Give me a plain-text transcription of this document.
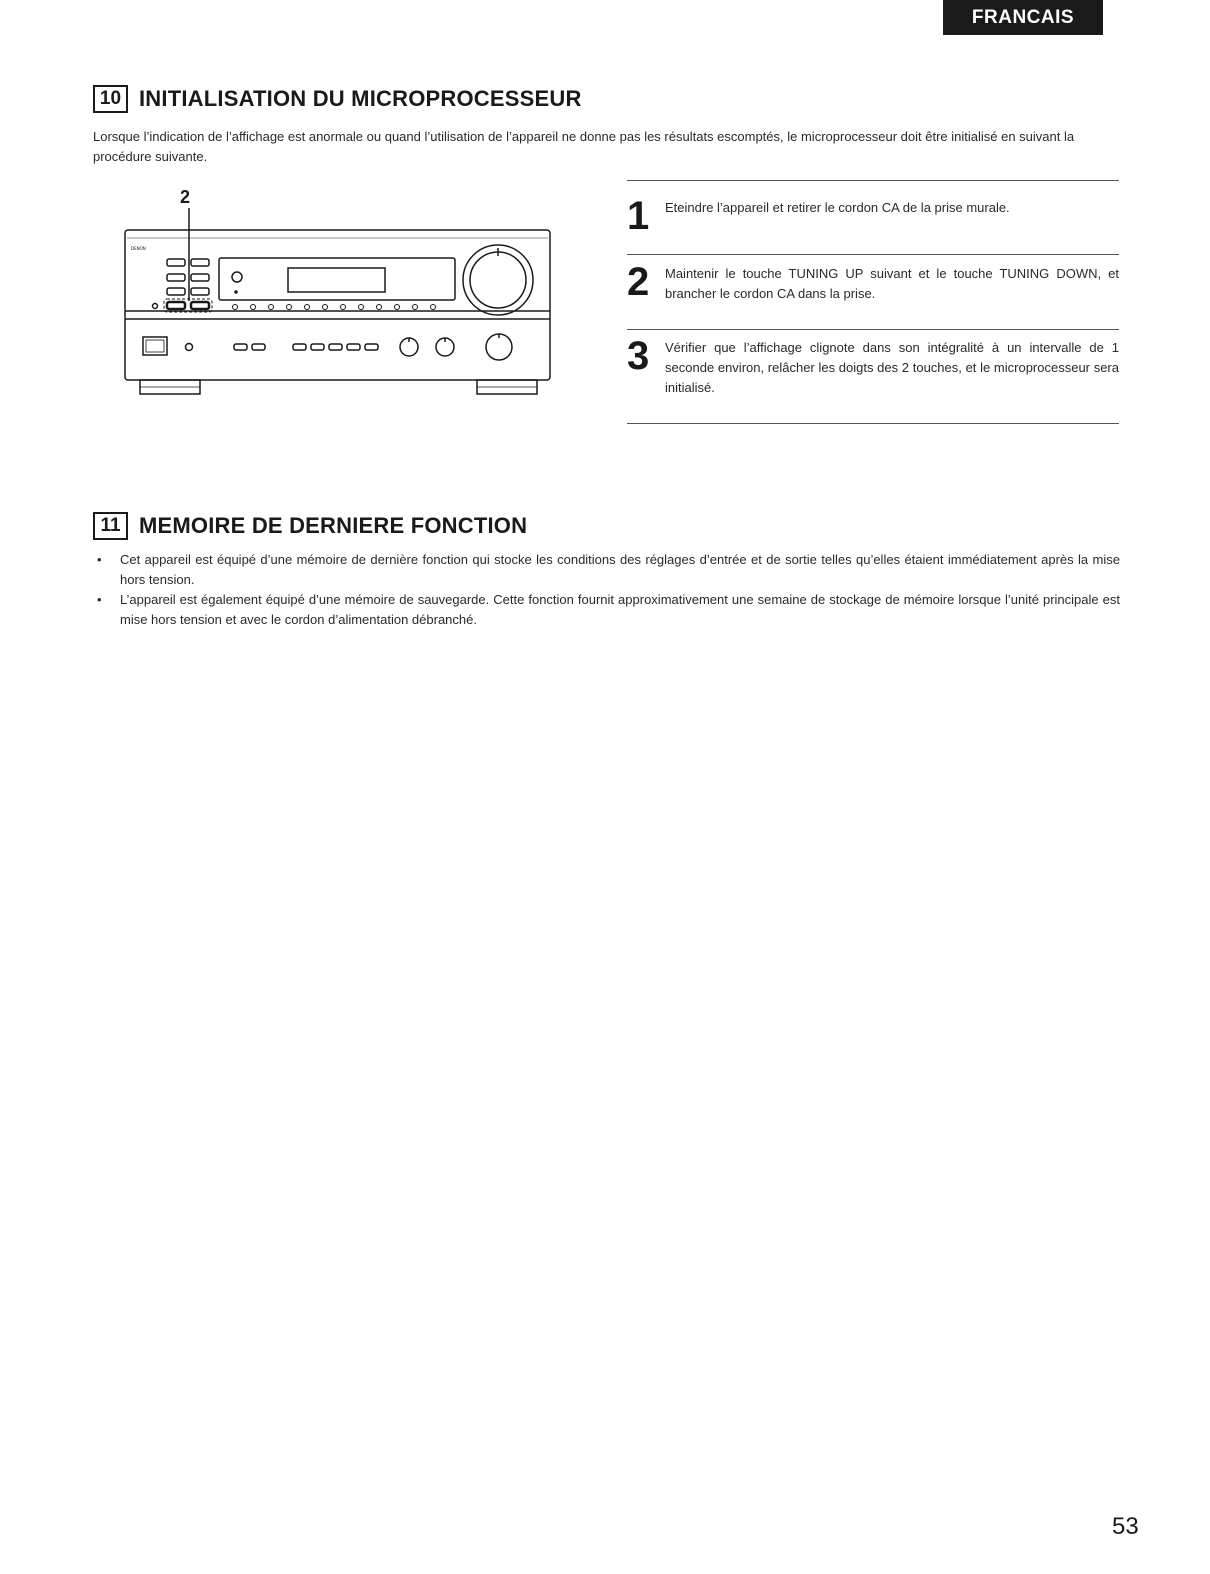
FRANCAIS
10 INITIALISATION DU MICROPROCESSEUR
Lorsque l’indication de l’affichage est anormale ou quand l’utilisation de l’appareil ne donne pas les résultats escomptés, le microprocesseur doit être initialisé en suivant la procédure suivante.
2
DENON
1	Eteindre l’appareil et retirer le cordon CA de la prise murale.
2	Maintenir le touche TUNING UP suivant et le touche TUNING DOWN, et brancher le cordon CA dans la prise.
3	Vérifier que l’affichage clignote dans son intégralité à un intervalle de 1 seconde environ, relâcher les doigts des 2 touches, et le microprocesseur sera initialisé.
11 MEMOIRE DE DERNIERE FONCTION
• Cet appareil est équipé d’une mémoire de dernière fonction qui stocke les conditions des réglages d’entrée et de sortie telles qu’elles étaient immédiatement après la mise hors tension.
• L’appareil est également équipé d’une mémoire de sauvegarde. Cette fonction fournit approximativement une semaine de stockage de mémoire lorsque l’unité principale est mise hors tension et avec le cordon d’alimentation débranché.
53
